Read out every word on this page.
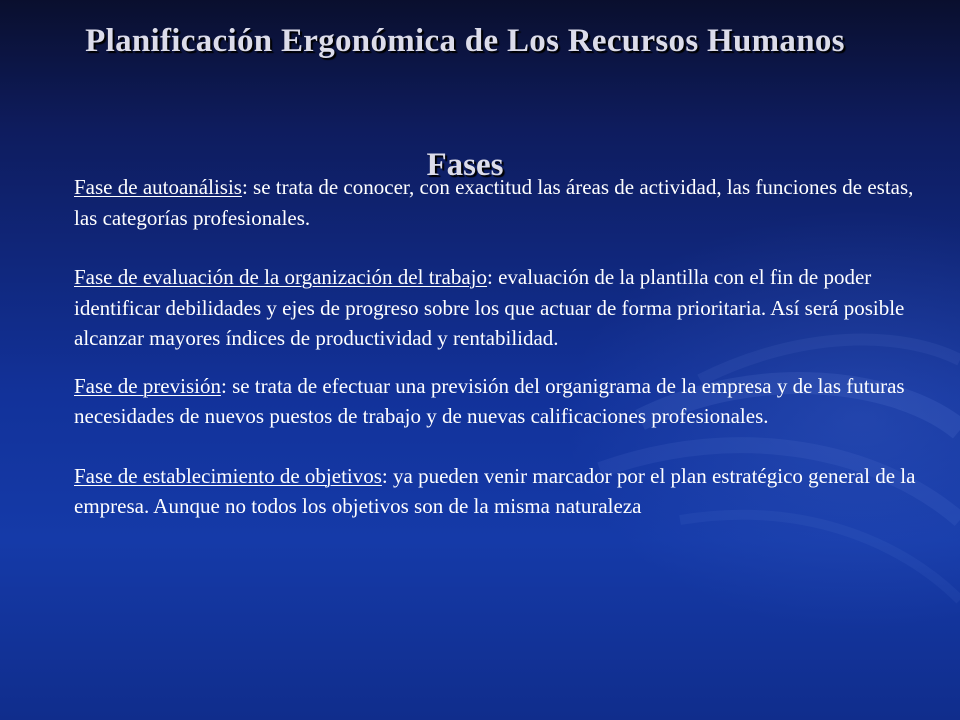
Planificación Ergonómica de Los Recursos Humanos
Fases

Fase de autoanálisis: se trata de conocer, con exactitud las áreas de actividad, las funciones de estas, las categorías profesionales.

Fase de evaluación de la organización del trabajo: evaluación de la plantilla con el fin de poder identificar debilidades y ejes de progreso sobre los que actuar de forma prioritaria. Así será posible alcanzar mayores índices de productividad y rentabilidad.

Fase de previsión: se trata de efectuar una previsión del organigrama de la empresa y de las futuras necesidades de nuevos puestos de trabajo y de nuevas calificaciones profesionales.

Fase de establecimiento de objetivos: ya pueden venir marcador por el plan estratégico general de la empresa. Aunque no todos los objetivos son de la misma naturaleza
